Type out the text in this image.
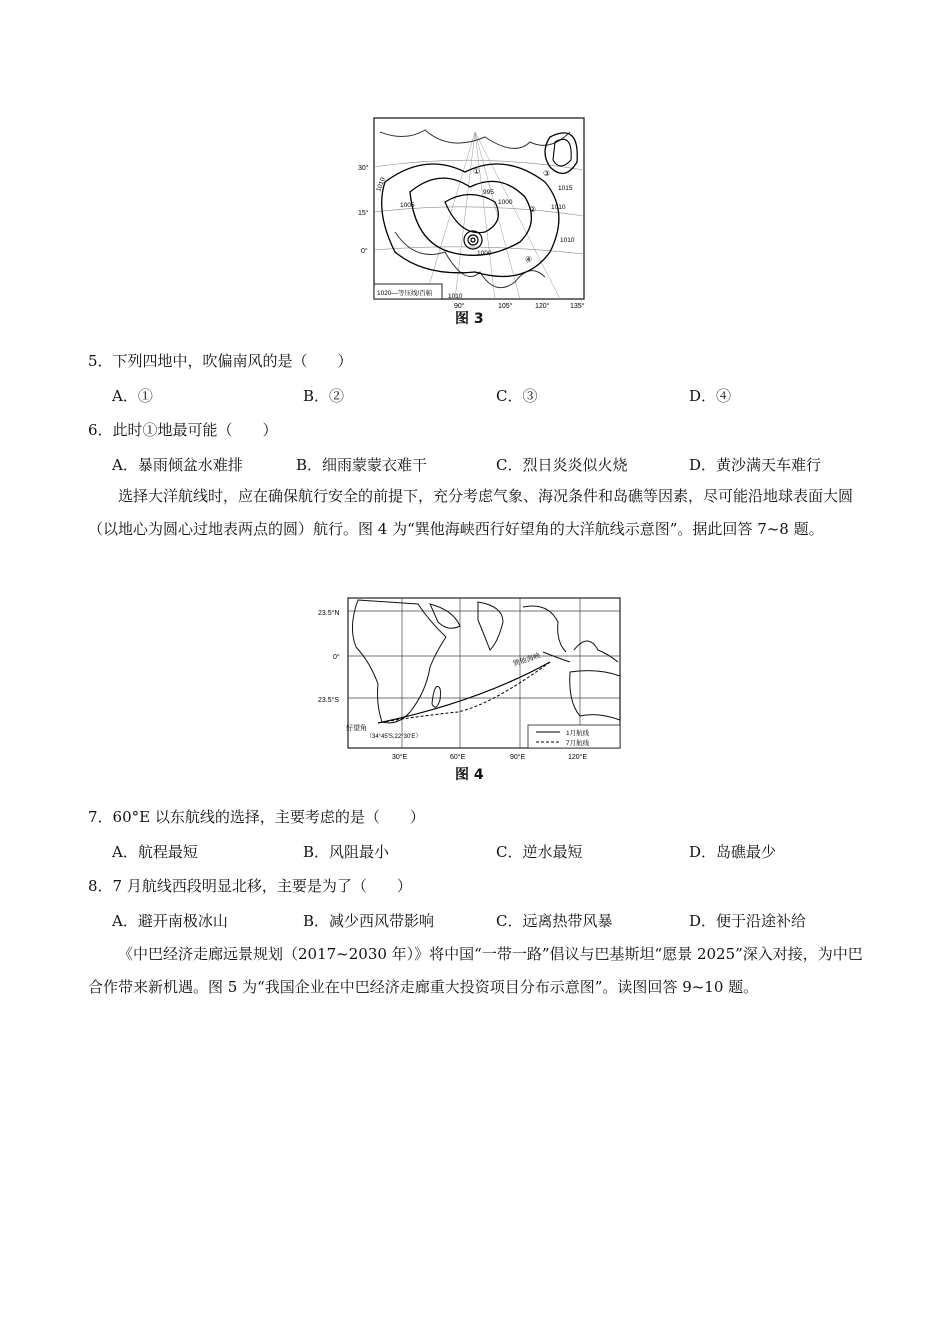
30°
15°
0°
90°	105°	120°	135°
1010
1005	1000
995
1010
1015
1010
1000
1010
①
②
③
④
1020—等压线/百帕
图 3
5．下列四地中，吹偏南风的是（　　）
A．①	B．②	C．③	D．④
6．此时①地最可能（　　）
A．暴雨倾盆水难排	B．细雨蒙蒙衣难干	C．烈日炎炎似火烧	D．黄沙满天车难行
选择大洋航线时，应在确保航行安全的前提下，充分考虑气象、海况条件和岛礁等因素，尽可能沿地球表面大圆（以地心为圆心过地表两点的圆）航行。图 4 为“巽他海峡西行好望角的大洋航线示意图”。据此回答 7~8 题。
23.5°N
0°
23.5°S
30°E	60°E	90°E	120°E
巽他海峡
好望角
（34°45′S,22°30′E）	1月航线
7月航线
图 4
7．60°E 以东航线的选择，主要考虑的是（　　）
A．航程最短	B．风阻最小	C．逆水最短	D．岛礁最少
8．7 月航线西段明显北移，主要是为了（　　）
A．避开南极冰山	B．减少西风带影响	C．远离热带风暴	D．便于沿途补给
《中巴经济走廊远景规划（2017~2030 年）》将中国“一带一路”倡议与巴基斯坦“愿景 2025”深入对接，为中巴合作带来新机遇。图 5 为“我国企业在中巴经济走廊重大投资项目分布示意图”。读图回答 9~10 题。
